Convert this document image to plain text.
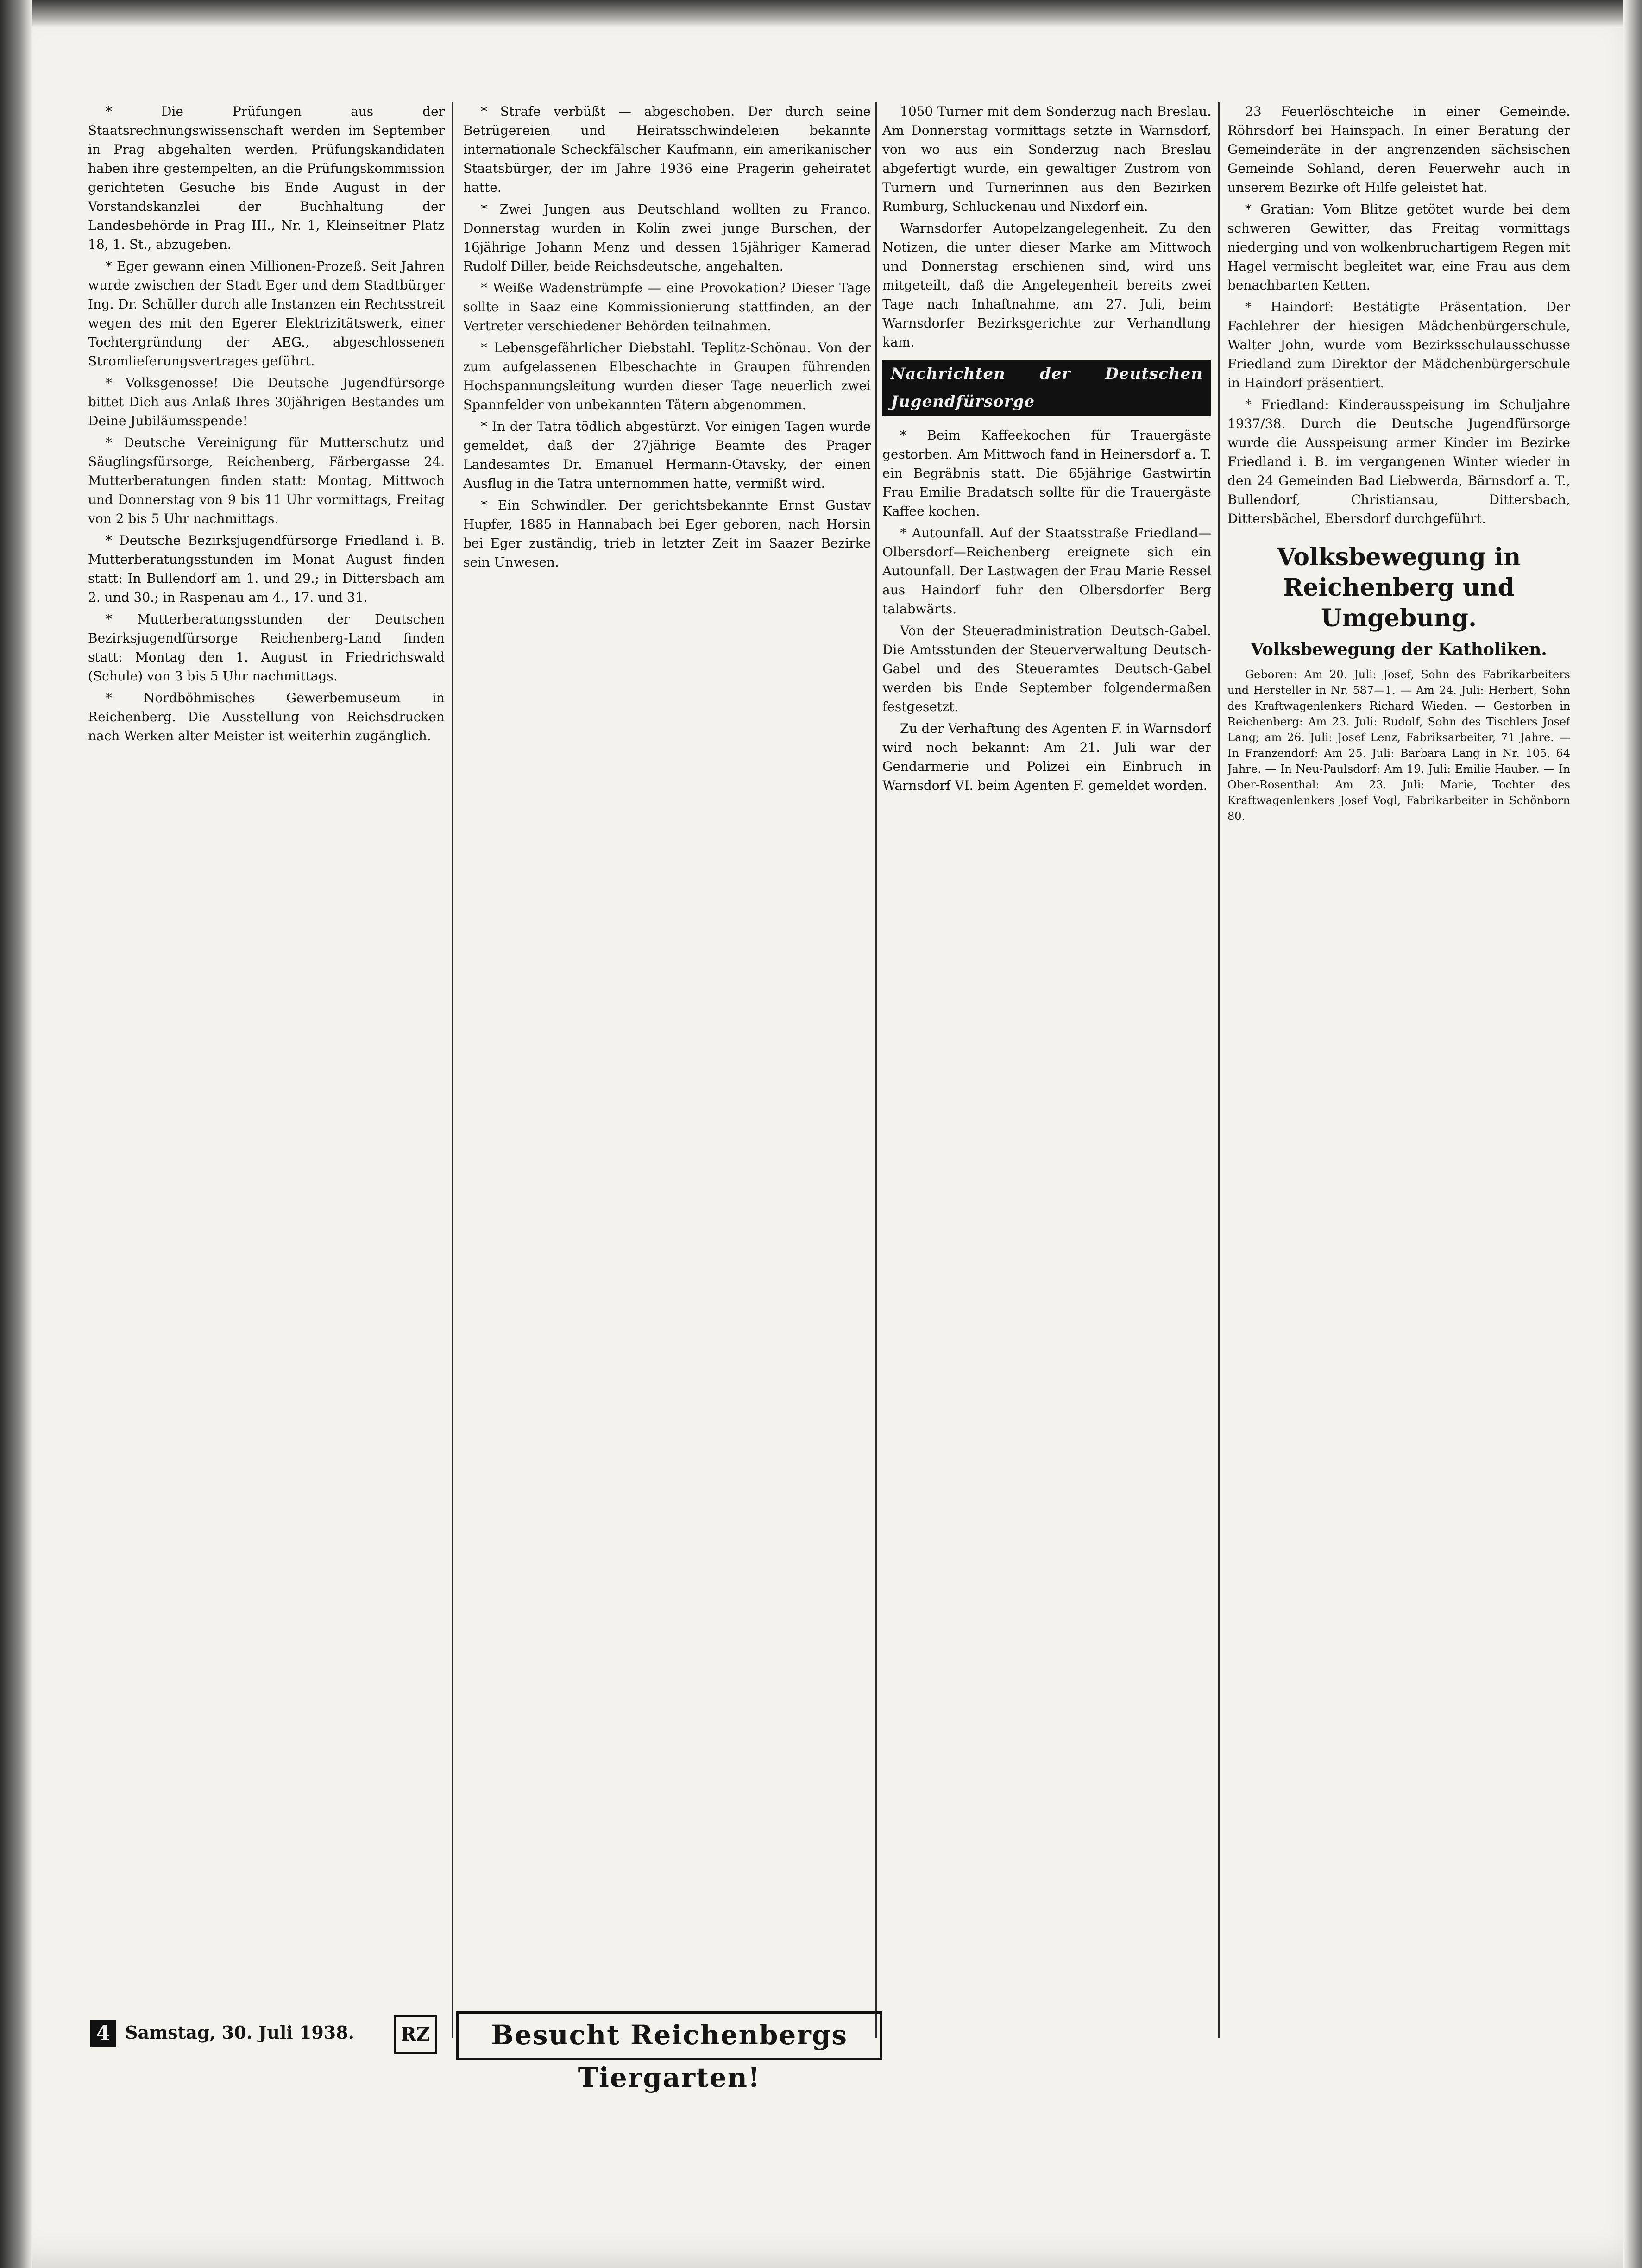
* Die Prüfungen aus der Staatsrechnungswissenschaft werden im September in Prag abgehalten werden. Prüfungskandidaten haben ihre gestempelten, an die Prüfungskommission gerichteten Gesuche bis Ende August in der Vorstandskanzlei der Buchhaltung der Landesbehörde in Prag III., Nr. 1, Kleinseitner Platz 18, 1. St., abzugeben.

* Eger gewann einen Millionen-Prozeß. Seit Jahren wurde zwischen der Stadt Eger und dem Stadtbürger Ing. Dr. Schüller durch alle Instanzen ein Rechtsstreit wegen des mit den Egerer Elektrizitätswerk, einer Tochtergründung der AEG., abgeschlossenen Stromlieferungsvertrages geführt.

* Volksgenosse! Die Deutsche Jugendfürsorge bittet Dich aus Anlaß Ihres 30jährigen Bestandes um Deine Jubiläumsspende!

* Deutsche Vereinigung für Mutterschutz und Säuglingsfürsorge, Reichenberg, Färbergasse 24. Mutterberatungen finden statt: Montag, Mittwoch und Donnerstag von 9 bis 11 Uhr vormittags, Freitag von 2 bis 5 Uhr nachmittags.

* Deutsche Bezirksjugendfürsorge Friedland i. B. Mutterberatungsstunden im Monat August finden statt: In Bullendorf am 1. und 29.; in Dittersbach am 2. und 30.; in Raspenau am 4., 17. und 31.

* Mutterberatungsstunden der Deutschen Bezirksjugendfürsorge Reichenberg-Land finden statt: Montag den 1. August in Friedrichswald (Schule) von 3 bis 5 Uhr nachmittags.

* Nordböhmisches Gewerbemuseum in Reichenberg. Die Ausstellung von Reichsdrucken nach Werken alter Meister ist weiterhin zugänglich.

* Strafe verbüßt — abgeschoben. Der durch seine Betrügereien und Heiratsschwindeleien bekannte internationale Scheckfälscher Kaufmann, ein amerikanischer Staatsbürger, der im Jahre 1936 eine Pragerin geheiratet hatte.

* Zwei Jungen aus Deutschland wollten zu Franco. Donnerstag wurden in Kolin zwei junge Burschen, der 16jährige Johann Menz und dessen 15jähriger Kamerad Rudolf Diller, beide Reichsdeutsche, angehalten.

* Weiße Wadenstrümpfe — eine Provokation? Dieser Tage sollte in Saaz eine Kommissionierung stattfinden, an der Vertreter verschiedener Behörden teilnahmen.

* Lebensgefährlicher Diebstahl. Teplitz-Schönau. Von der zum aufgelassenen Elbeschachte in Graupen führenden Hochspannungsleitung wurden dieser Tage neuerlich zwei Spannfelder von unbekannten Tätern abgenommen.

* In der Tatra tödlich abgestürzt. Vor einigen Tagen wurde gemeldet, daß der 27jährige Beamte des Prager Landesamtes Dr. Emanuel Hermann-Otavsky, der einen Ausflug in die Tatra unternommen hatte, vermißt wird.

* Ein Schwindler. Der gerichtsbekannte Ernst Gustav Hupfer, 1885 in Hannabach bei Eger geboren, nach Horsin bei Eger zuständig, trieb in letzter Zeit im Saazer Bezirke sein Unwesen.

1050 Turner mit dem Sonderzug nach Breslau. Am Donnerstag vormittags setzte in Warnsdorf, von wo aus ein Sonderzug nach Breslau abgefertigt wurde, ein gewaltiger Zustrom von Turnern und Turnerinnen aus den Bezirken Rumburg, Schluckenau und Nixdorf ein.

Warnsdorfer Autopelzangelegenheit. Zu den Notizen, die unter dieser Marke am Mittwoch und Donnerstag erschienen sind, wird uns mitgeteilt, daß die Angelegenheit bereits zwei Tage nach Inhaftnahme, am 27. Juli, beim Warnsdorfer Bezirksgerichte zur Verhandlung kam.

Nachrichten der Deutschen Jugendfürsorge

* Beim Kaffeekochen für Trauergäste gestorben. Am Mittwoch fand in Heinersdorf a. T. ein Begräbnis statt. Die 65jährige Gastwirtin Frau Emilie Bradatsch sollte für die Trauergäste Kaffee kochen.

* Autounfall. Auf der Staatsstraße Friedland—Olbersdorf—Reichenberg ereignete sich ein Autounfall. Der Lastwagen der Frau Marie Ressel aus Haindorf fuhr den Olbersdorfer Berg talabwärts.

Von der Steueradministration Deutsch-Gabel. Die Amtsstunden der Steuerverwaltung Deutsch-Gabel und des Steueramtes Deutsch-Gabel werden bis Ende September folgendermaßen festgesetzt.

Zu der Verhaftung des Agenten F. in Warnsdorf wird noch bekannt: Am 21. Juli war der Gendarmerie und Polizei ein Einbruch in Warnsdorf VI. beim Agenten F. gemeldet worden.

23 Feuerlöschteiche in einer Gemeinde. Röhrsdorf bei Hainspach. In einer Beratung der Gemeinderäte in der angrenzenden sächsischen Gemeinde Sohland, deren Feuerwehr auch in unserem Bezirke oft Hilfe geleistet hat.

* Gratian: Vom Blitze getötet wurde bei dem schweren Gewitter, das Freitag vormittags niederging und von wolkenbruchartigem Regen mit Hagel vermischt begleitet war, eine Frau aus dem benachbarten Ketten.

* Haindorf: Bestätigte Präsentation. Der Fachlehrer der hiesigen Mädchenbürgerschule, Walter John, wurde vom Bezirksschulausschusse Friedland zum Direktor der Mädchenbürgerschule in Haindorf präsentiert.

* Friedland: Kinderausspeisung im Schuljahre 1937/38. Durch die Deutsche Jugendfürsorge wurde die Ausspeisung armer Kinder im Bezirke Friedland i. B. im vergangenen Winter wieder in den 24 Gemeinden Bad Liebwerda, Bärnsdorf a. T., Bullendorf, Christiansau, Dittersbach, Dittersbächel, Ebersdorf durchgeführt.

Volksbewegung in Reichenberg und Umgebung.
Volksbewegung der Katholiken.

Geboren: Am 20. Juli: Josef, Sohn des Fabrikarbeiters und Hersteller in Nr. 587—1. — Am 24. Juli: Herbert, Sohn des Kraftwagenlenkers Richard Wieden. — Gestorben in Reichenberg: Am 23. Juli: Rudolf, Sohn des Tischlers Josef Lang; am 26. Juli: Josef Lenz, Fabriksarbeiter, 71 Jahre. — In Franzendorf: Am 25. Juli: Barbara Lang in Nr. 105, 64 Jahre. — In Neu-Paulsdorf: Am 19. Juli: Emilie Hauber. — In Ober-Rosenthal: Am 23. Juli: Marie, Tochter des Kraftwagenlenkers Josef Vogl, Fabrikarbeiter in Schönborn 80.

Besucht Reichenbergs Tiergarten!
4 Samstag, 30. Juli 1938.	RZ
